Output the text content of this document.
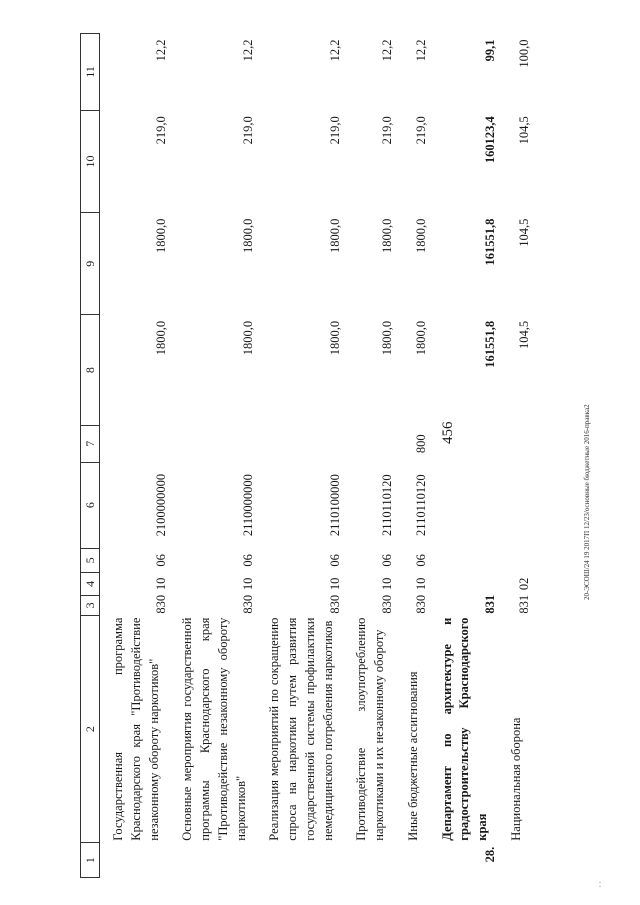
456	20-ЭСОШ/24 19 2017П 12/23/основные бюджетные 2016-правка2
· ·
1	2	3	4	5	6	7	8	9	10	11
	Государственная программа Краснодарского края "Противодействие незаконному обороту наркотиков"	830	10	06	2100000000		1800,0	1800,0	219,0	12,2
	Основные мероприятия государственной программы Краснодарского края "Противодействие незаконному обороту наркотиков"	830	10	06	2110000000		1800,0	1800,0	219,0	12,2
	Реализация мероприятий по сокращению спроса на наркотики путем развития государственной системы профилактики немедицинского потребления наркотиков	830	10	06	2110100000		1800,0	1800,0	219,0	12,2
	Противодействие злоупотреблению наркотиками и их незаконному обороту	830	10	06	2110110120		1800,0	1800,0	219,0	12,2
	Иные бюджетные ассигнования	830	10	06	2110110120	800	1800,0	1800,0	219,0	12,2
28.	Департамент по архитектуре и градостроительству Краснодарского края	831					161551,8	161551,8	160123,4	99,1
	Национальная оборона	831	02				104,5	104,5	104,5	100,0
